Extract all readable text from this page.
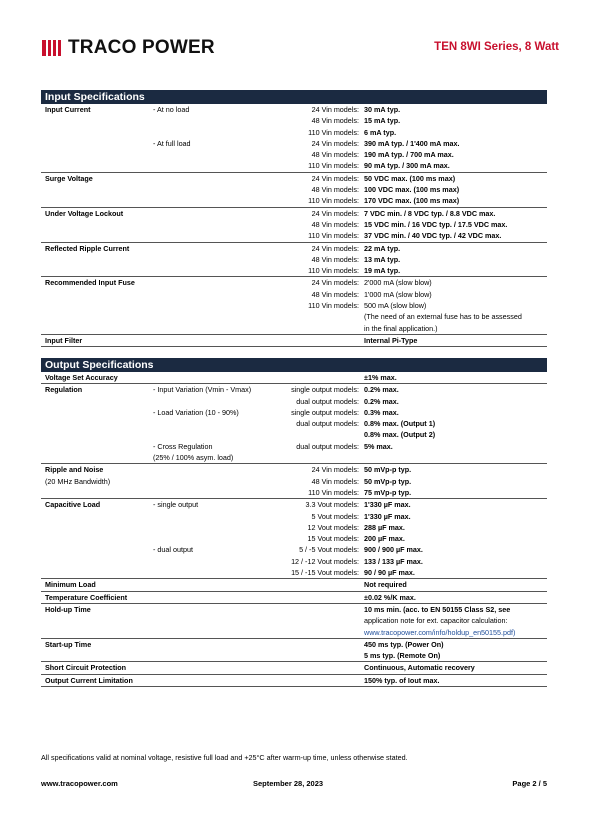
TRACO POWER	TEN 8WI Series, 8 Watt
Input Specifications
Input Current	- At no load	24 Vin models: 30 mA typ.
48 Vin models: 15 mA typ.
110 Vin models: 6 mA typ.
- At full load	24 Vin models: 390 mA typ. / 1'400 mA max.
48 Vin models: 190 mA typ. / 700 mA max.
110 Vin models: 90 mA typ. / 300 mA max.
Surge Voltage	24 Vin models: 50 VDC max. (100 ms max)
48 Vin models: 100 VDC max. (100 ms max)
110 Vin models: 170 VDC max. (100 ms max)
Under Voltage Lockout	24 Vin models: 7 VDC min. / 8 VDC typ. / 8.8 VDC max.
48 Vin models: 15 VDC min. / 16 VDC typ. / 17.5 VDC max.
110 Vin models: 37 VDC min. / 40 VDC typ. / 42 VDC max.
Reflected Ripple Current	24 Vin models: 22 mA typ.
48 Vin models: 13 mA typ.
110 Vin models: 19 mA typ.
Recommended Input Fuse	24 Vin models: 2'000 mA (slow blow)
48 Vin models: 1'000 mA (slow blow)
110 Vin models: 500 mA (slow blow)
(The need of an external fuse has to be assessed
in the final application.)
Input Filter	Internal Pi-Type
Output Specifications
Voltage Set Accuracy	±1% max.
Regulation	- Input Variation (Vmin - Vmax)	single output models: 0.2% max.
dual output models: 0.2% max.
- Load Variation (10 - 90%)	single output models: 0.3% max.
dual output models: 0.8% max. (Output 1)
0.8% max. (Output 2)
- Cross Regulation	dual output models: 5% max.
(25% / 100% asym. load)
Ripple and Noise	24 Vin models: 50 mVp-p typ.
(20 MHz Bandwidth)	48 Vin models: 50 mVp-p typ.
110 Vin models: 75 mVp-p typ.
Capacitive Load	- single output	3.3 Vout models: 1'330 µF max.
5 Vout models: 1'330 µF max.
12 Vout models: 288 µF max.
15 Vout models: 200 µF max.
- dual output	5 / -5 Vout models: 900 / 900 µF max.
12 / -12 Vout models: 133 / 133 µF max.
15 / -15 Vout models: 90 / 90 µF max.
Minimum Load	Not required
Temperature Coefficient	±0.02 %/K max.
Hold-up Time	10 ms min. (acc. to EN 50155 Class S2, see
application note for ext. capacitor calculation:
www.tracopower.com/info/holdup_en50155.pdf)
Start-up Time	450 ms typ. (Power On)
5 ms typ. (Remote On)
Short Circuit Protection	Continuous, Automatic recovery
Output Current Limitation	150% typ. of Iout max.
All specifications valid at nominal voltage, resistive full load and +25°C after warm-up time, unless otherwise stated.
www.tracopower.com	September 28, 2023	Page 2 / 5
